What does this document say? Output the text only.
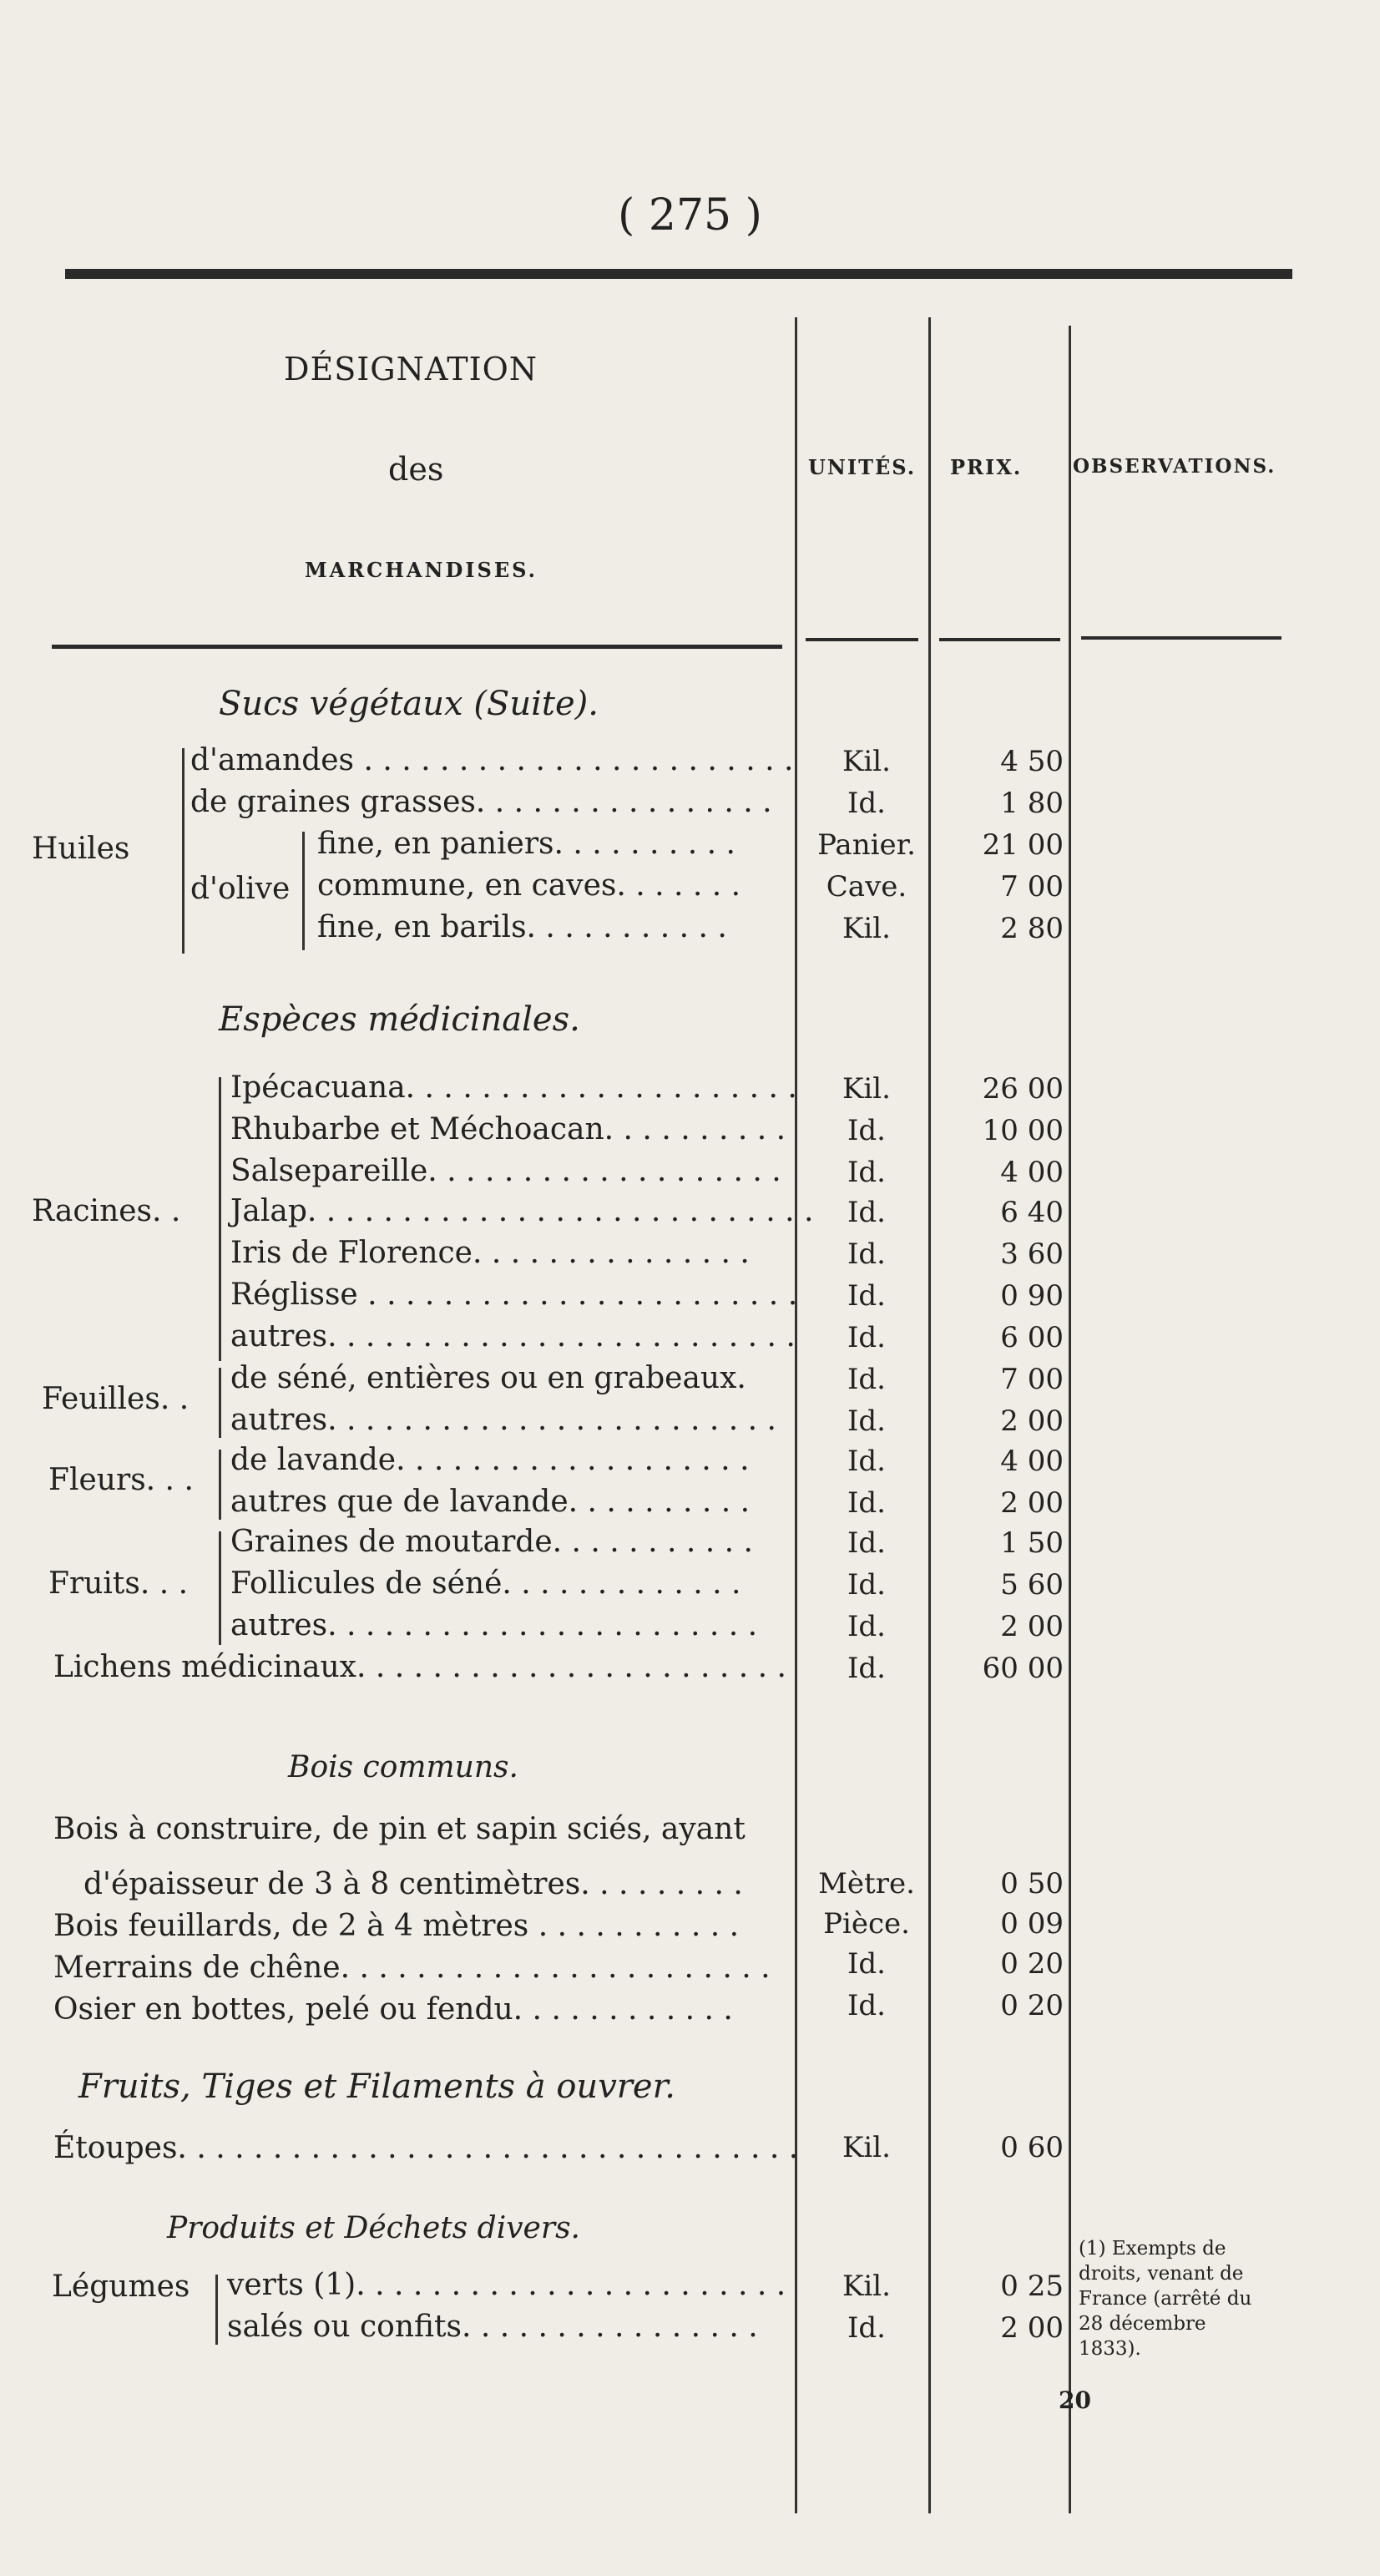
( 275 )
DÉSIGNATION
des
MARCHANDISES.
UNITÉS. PRIX.	OBSERVATIONS.
Sucs végétaux (Suite).
Huiles
d'olive
d'amandes . . . . . . . . . . . . . . . . . . . . . . .
de graines grasses. . . . . . . . . . . . . . . .
fine, en paniers. . . . . . . . . .
commune, en caves. . . . . . .
fine, en barils. . . . . . . . . . .
Espèces médicinales.
Racines. .
Ipécacuana. . . . . . . . . . . . . . . . . . . . .
Rhubarbe et Méchoacan. . . . . . . . . .
Salsepareille. . . . . . . . . . . . . . . . . . .
Jalap. . . . . . . . . . . . . . . . . . . . . . . . . . .
Iris de Florence. . . . . . . . . . . . . . .
Réglisse . . . . . . . . . . . . . . . . . . . . . . .
autres. . . . . . . . . . . . . . . . . . . . . . . . .
Feuilles. .
de séné, entières ou en grabeaux.
autres. . . . . . . . . . . . . . . . . . . . . . . .
Fleurs. . .
de lavande. . . . . . . . . . . . . . . . . . .
autres que de lavande. . . . . . . . . .
Fruits. . .
Graines de moutarde. . . . . . . . . . .
Follicules de séné. . . . . . . . . . . . .
autres. . . . . . . . . . . . . . . . . . . . . . .
Lichens médicinaux. . . . . . . . . . . . . . . . . . . . . . .
Bois communs.
Bois à construire, de pin et sapin sciés, ayant
d'épaisseur de 3 à 8 centimètres. . . . . . . . .
Bois feuillards, de 2 à 4 mètres . . . . . . . . . . .
Merrains de chêne. . . . . . . . . . . . . . . . . . . . . . .
Osier en bottes, pelé ou fendu. . . . . . . . . . . .
Fruits, Tiges et Filaments à ouvrer.
Étoupes. . . . . . . . . . . . . . . . . . . . . . . . . . . . . . . . .
Produits et Déchets divers.
Légumes verts (1). . . . . . . . . . . . . . . . . . . . . . .
salés ou confits. . . . . . . . . . . . . . . .
Kil.
Id.
Panier.
Cave.
Kil.
Kil.
Id.
Id.
Id.
Id.
Id.
Id.
Id.
Id.
Id.
Id.
Id.
Id.
Id.
Id.
Mètre.
Pièce.
Id.
Id.
Kil.
Kil.
Id.
4 50
1 80
21 00
7 00
2 80
26 00
10 00
4 00
6 40
3 60
0 90
6 00
7 00
2 00
4 00
2 00
1 50
5 60
2 00
60 00
0 50
0 09
0 20
0 20
0 60
0 25
2 00
(1) Exempts de droits, venant de France (arrêté du 28 décembre 1833).
20
